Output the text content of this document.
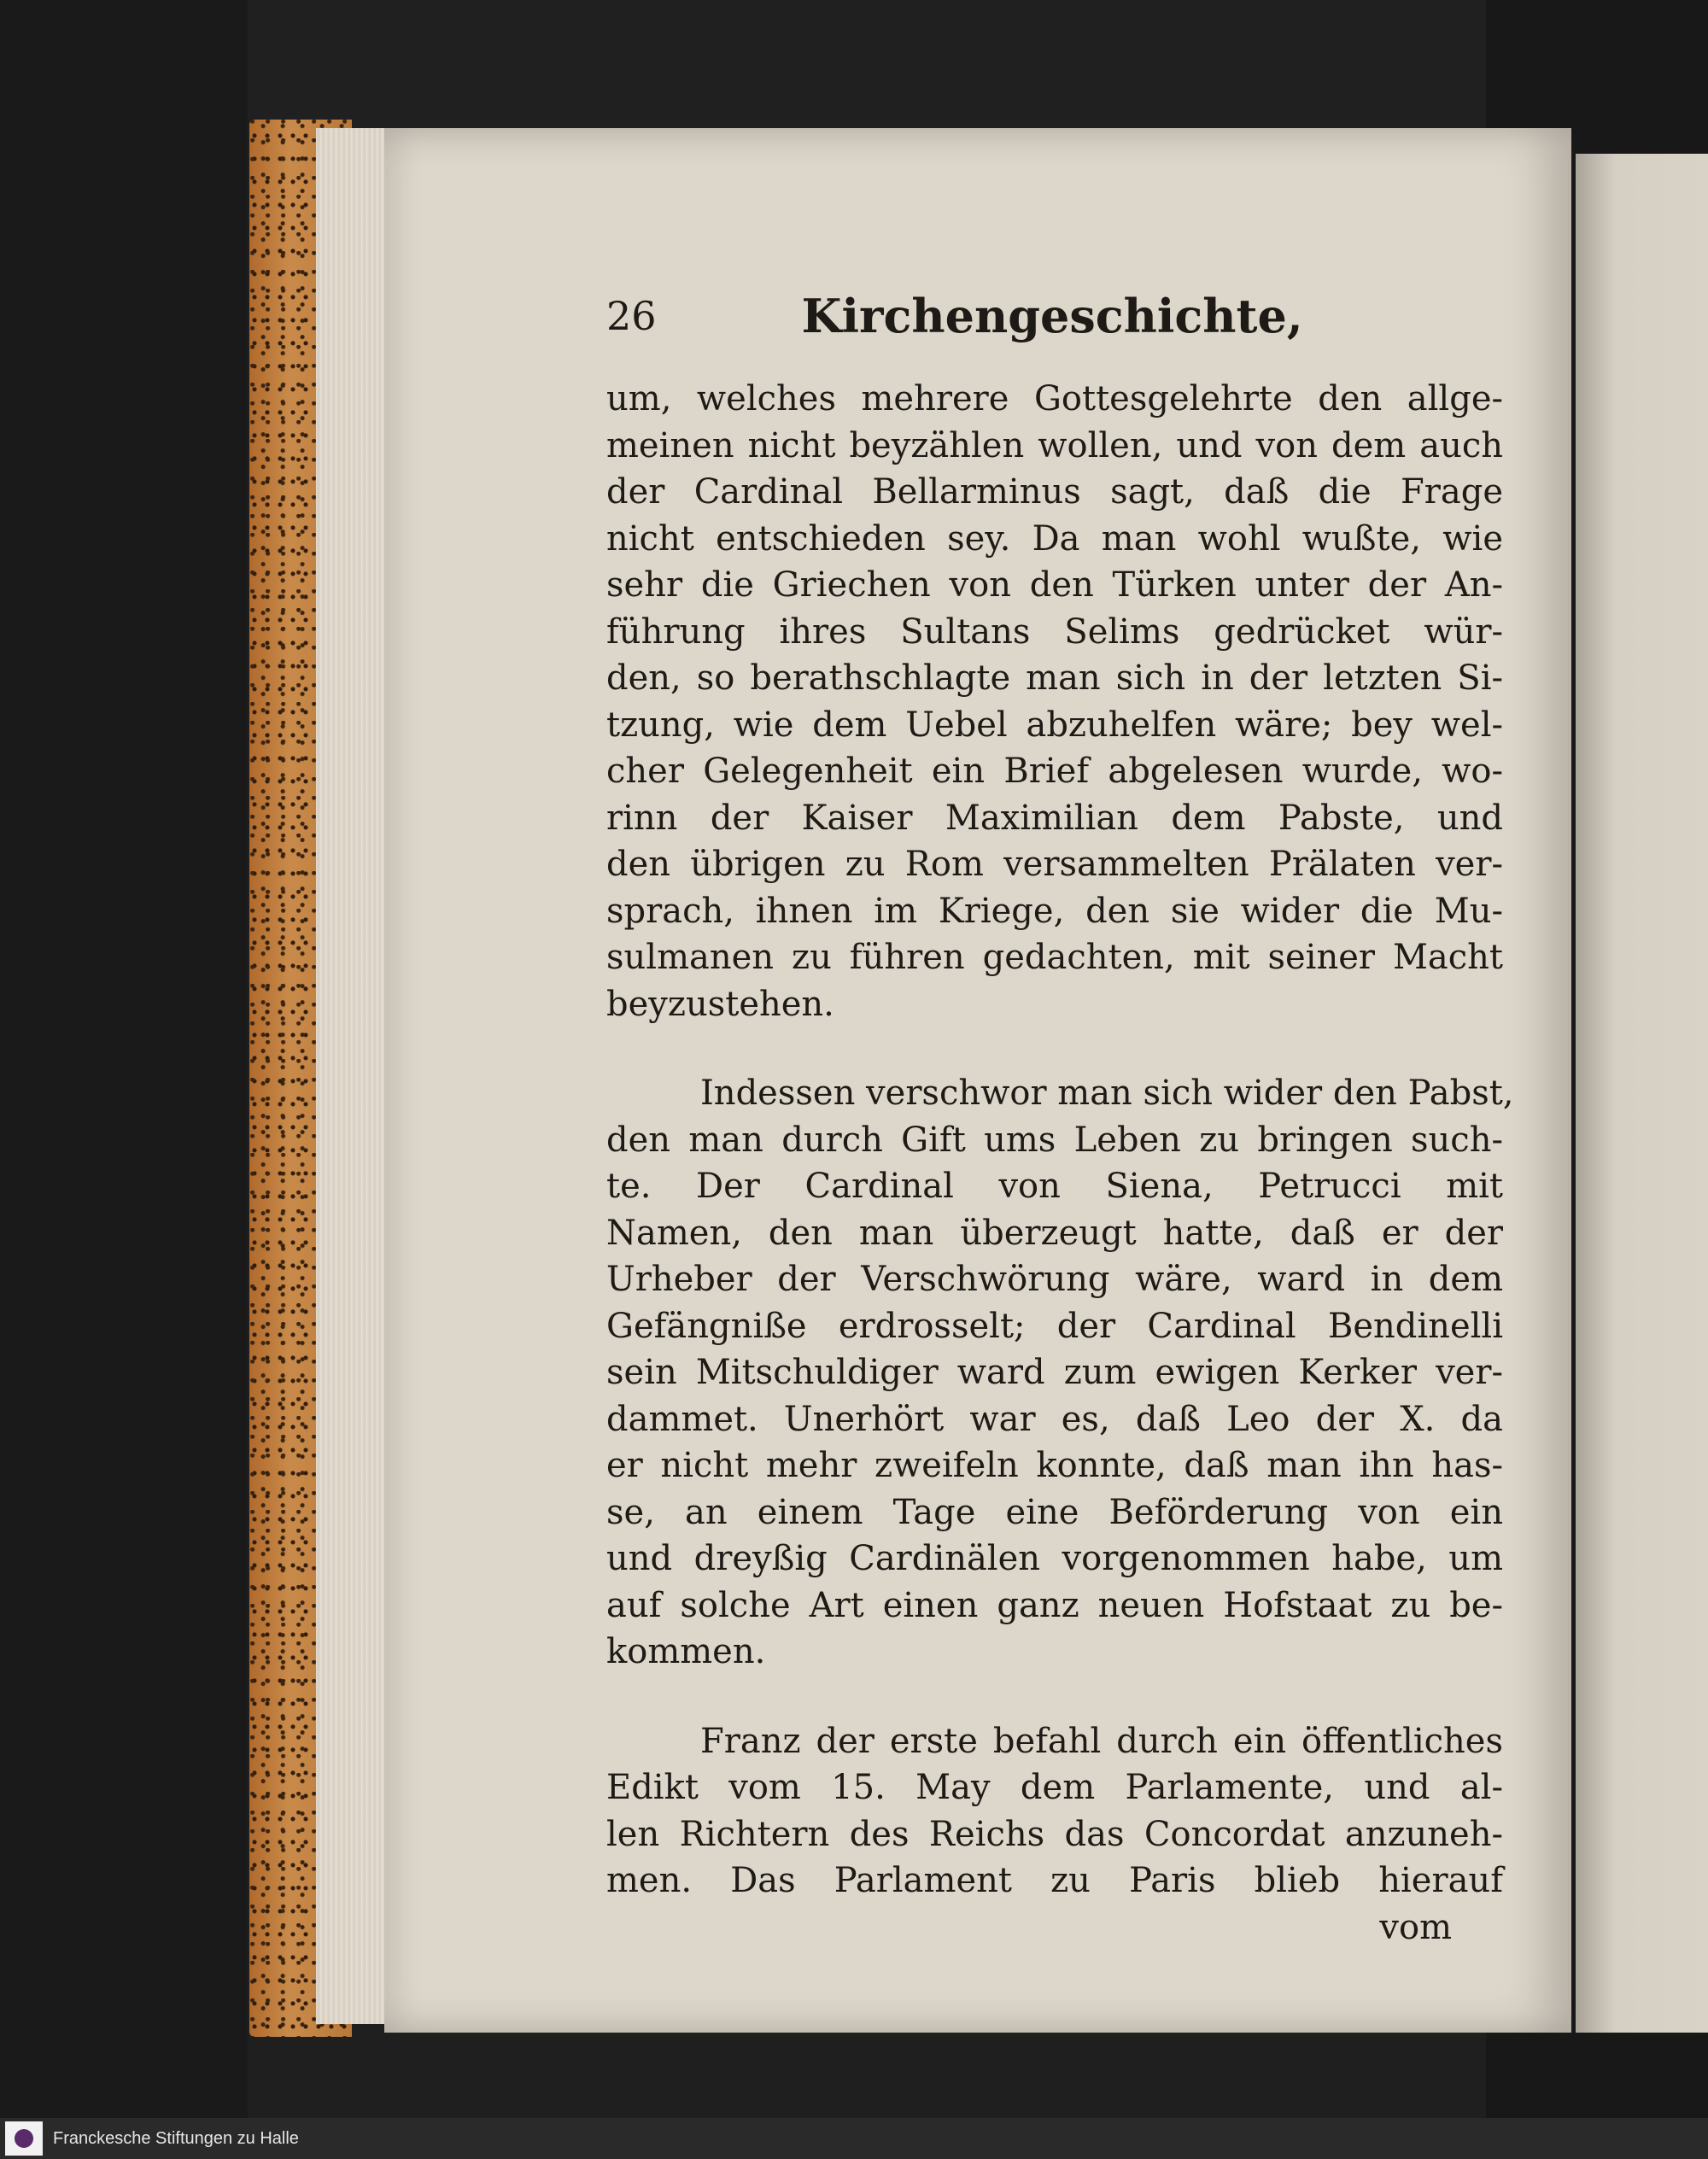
26	Kirchengeschichte,
um, welches mehrere Gottesgelehrte den allge-
meinen nicht beyzählen wollen, und von dem auch
der Cardinal Bellarminus sagt, daß die Frage
nicht entschieden sey. Da man wohl wußte, wie
sehr die Griechen von den Türken unter der An-
führung ihres Sultans Selims gedrücket wür-
den, so berathschlagte man sich in der letzten Si-
tzung, wie dem Uebel abzuhelfen wäre; bey wel-
cher Gelegenheit ein Brief abgelesen wurde, wo-
rinn der Kaiser Maximilian dem Pabste, und
den übrigen zu Rom versammelten Prälaten ver-
sprach, ihnen im Kriege, den sie wider die Mu-
sulmanen zu führen gedachten, mit seiner Macht
beyzustehen.
Indessen verschwor man sich wider den Pabst,
den man durch Gift ums Leben zu bringen such-
te. Der Cardinal von Siena, Petrucci mit
Namen, den man überzeugt hatte, daß er der
Urheber der Verschwörung wäre, ward in dem
Gefängniße erdrosselt; der Cardinal Bendinelli
sein Mitschuldiger ward zum ewigen Kerker ver-
dammet. Unerhört war es, daß Leo der X. da
er nicht mehr zweifeln konnte, daß man ihn has-
se, an einem Tage eine Beförderung von ein
und dreyßig Cardinälen vorgenommen habe, um
auf solche Art einen ganz neuen Hofstaat zu be-
kommen.
Franz der erste befahl durch ein öffentliches
Edikt vom 15. May dem Parlamente, und al-
len Richtern des Reichs das Concordat anzuneh-
men. Das Parlament zu Paris blieb hierauf
vom
Franckesche Stiftungen zu Halle
